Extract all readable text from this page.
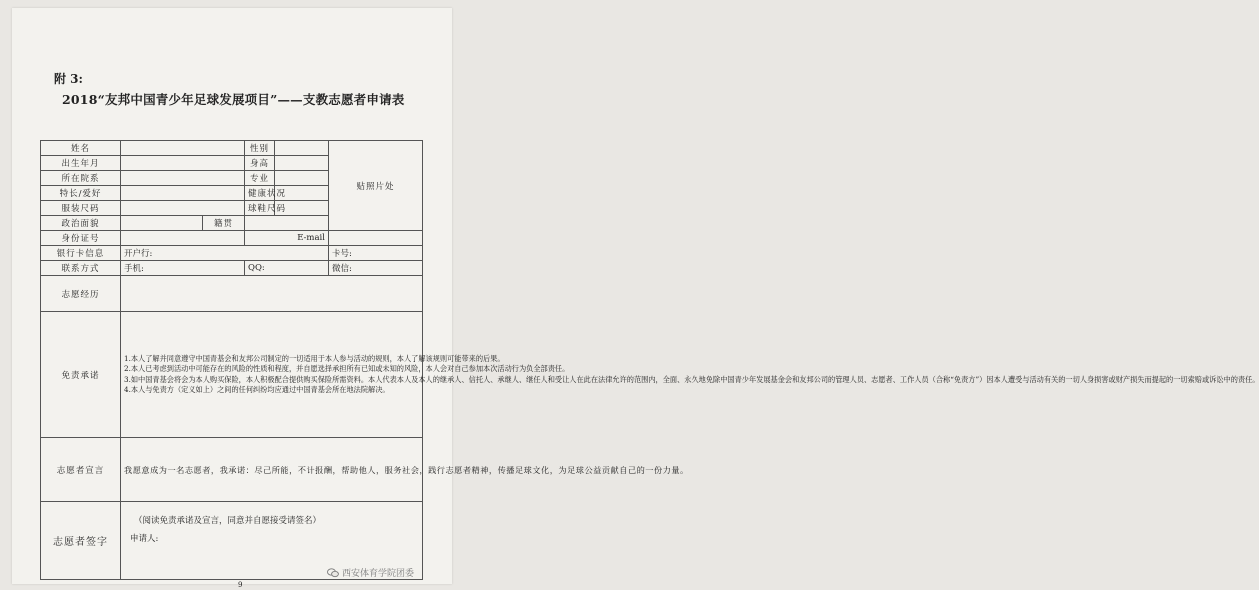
附 3:
2018“友邦中国青少年足球发展项目”——支教志愿者申请表
姓名			性别		贴照片处
出生年月			身高		
所在院系			专业		
特长/爱好			健康状况		
服装尺码			球鞋尺码		
政治面貌		籍贯			
身份证号			E-mail		
银行卡信息	开户行:				卡号:
联系方式	手机:		QQ:		微信:
志愿经历					
免责承诺	1.本人了解并同意遵守中国青基会和友邦公司制定的一切适用于本人参与活动的规则，本人了解该规则可能带来的后果。

2.本人已考虑到活动中可能存在的风险的性质和程度，并自愿选择承担所有已知或未知的风险，本人会对自己参加本次活动行为负全部责任。

3.如中国青基会将会为本人购买保险，本人积极配合提供购买保险所需资料。本人代表本人及本人的继承人、信托人、承继人、继任人和受让人在此在法律允许的范围内，全面、永久地免除中国青少年发展基金会和友邦公司的管理人员、志愿者、工作人员（合称“免责方”）因本人遭受与活动有关的一切人身损害或财产损失而提起的一切索赔或诉讼中的责任。

4.本人与免责方（定义如上）之间的任何纠纷均应通过中国青基会所在地法院解决。				

志愿者宣言	我愿意成为一名志愿者，我承诺：尽己所能，不计报酬，帮助他人，服务社会，践行志愿者精神，传播足球文化，为足球公益贡献自己的一份力量。				
志愿者签字	（阅读免责承诺及宣言，同意并自愿接受请签名）
申请人:				
9
西安体育学院团委
